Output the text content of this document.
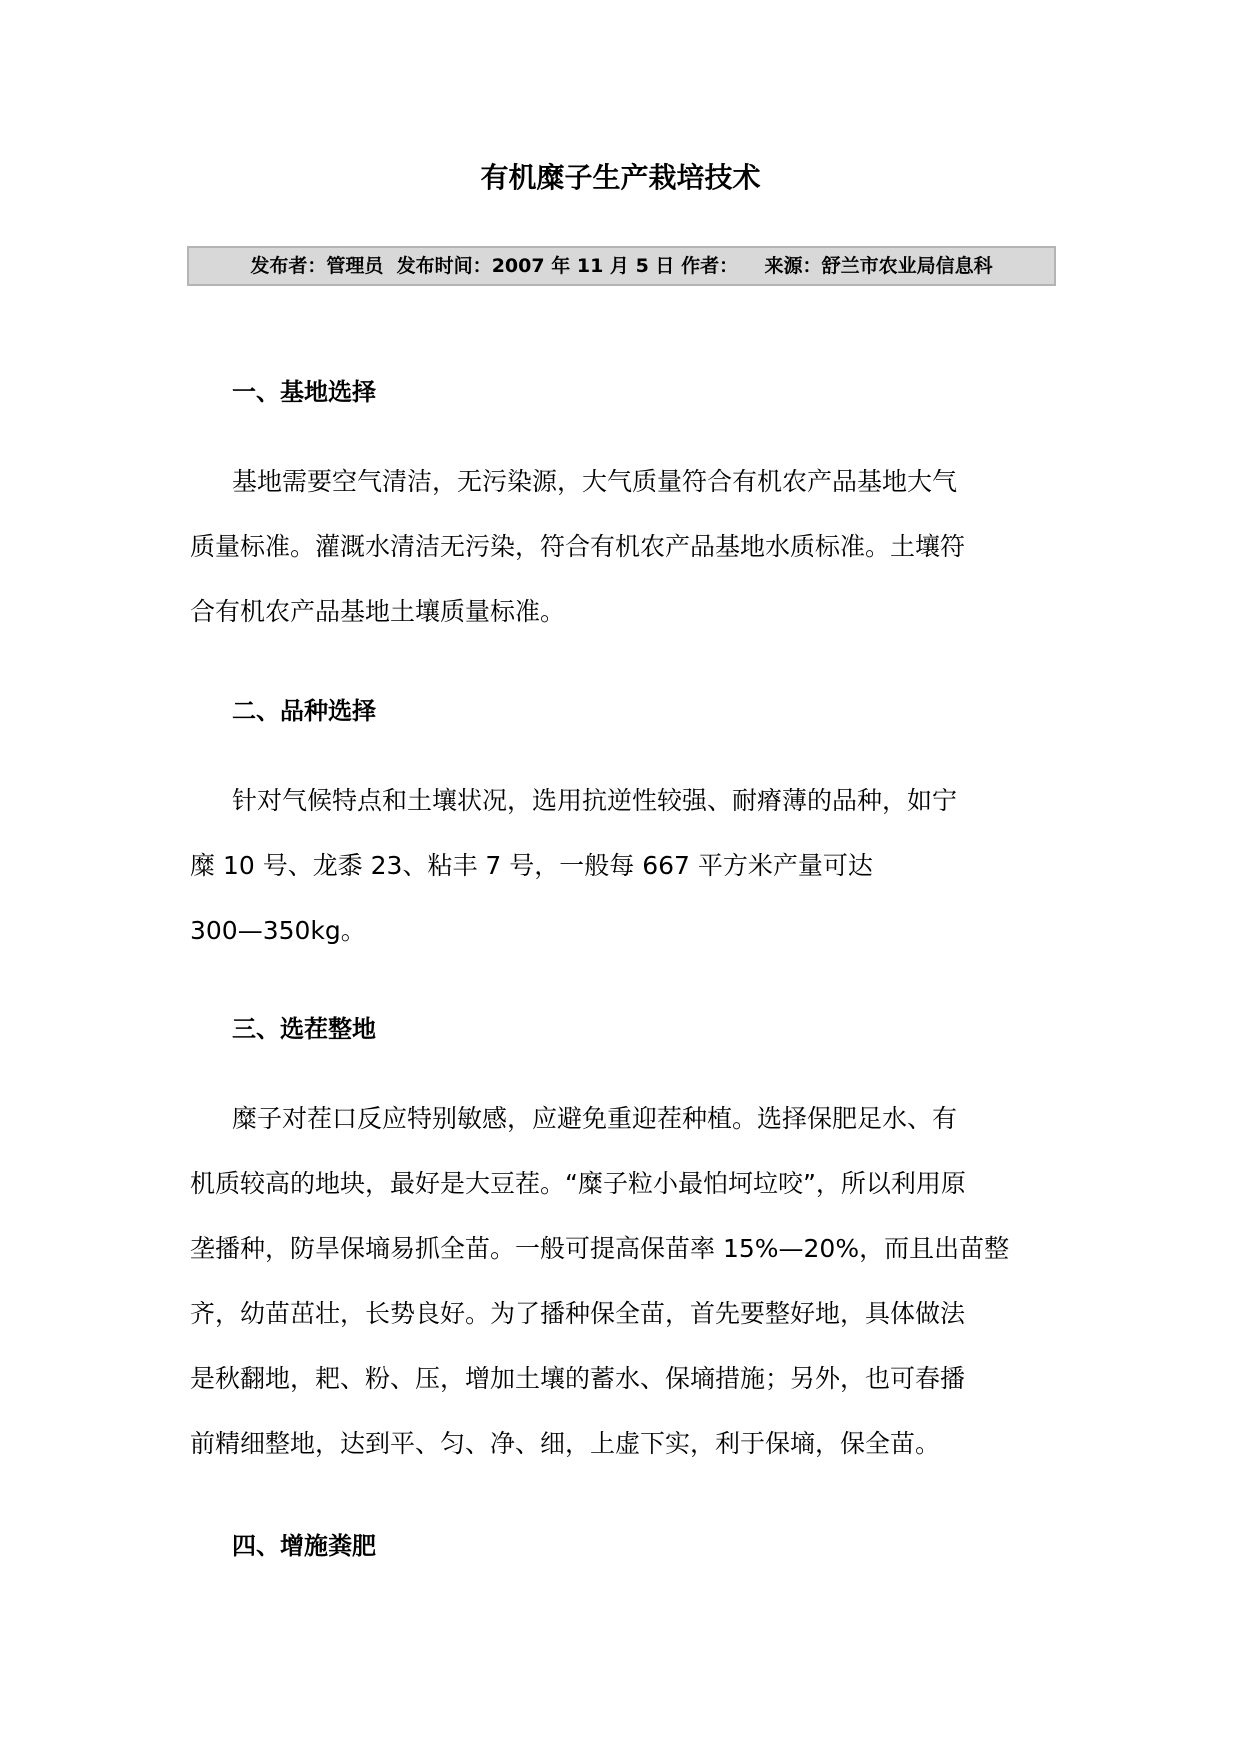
有机糜子生产栽培技术
发布者：管理员 发布时间：2007 年 11 月 5 日 作者： 来源：舒兰市农业局信息科
一、基地选择
基地需要空气清洁，无污染源，大气质量符合有机农产品基地大气
质量标准。灌溉水清洁无污染，符合有机农产品基地水质标准。土壤符
合有机农产品基地土壤质量标准。
二、品种选择
针对气候特点和土壤状况，选用抗逆性较强、耐瘠薄的品种，如宁
糜 10 号、龙黍 23、粘丰 7 号，一般每 667 平方米产量可达
300—350kg。
三、选茬整地
糜子对茬口反应特别敏感，应避免重迎茬种植。选择保肥足水、有
机质较高的地块，最好是大豆茬。“糜子粒小最怕坷垃咬”，所以利用原
垄播种，防旱保墒易抓全苗。一般可提高保苗率 15%—20%，而且出苗整
齐，幼苗茁壮，长势良好。为了播种保全苗，首先要整好地，具体做法
是秋翻地，耙、粉、压，增加土壤的蓄水、保墒措施；另外，也可春播
前精细整地，达到平、匀、净、细，上虚下实，利于保墒，保全苗。
四、增施粪肥
